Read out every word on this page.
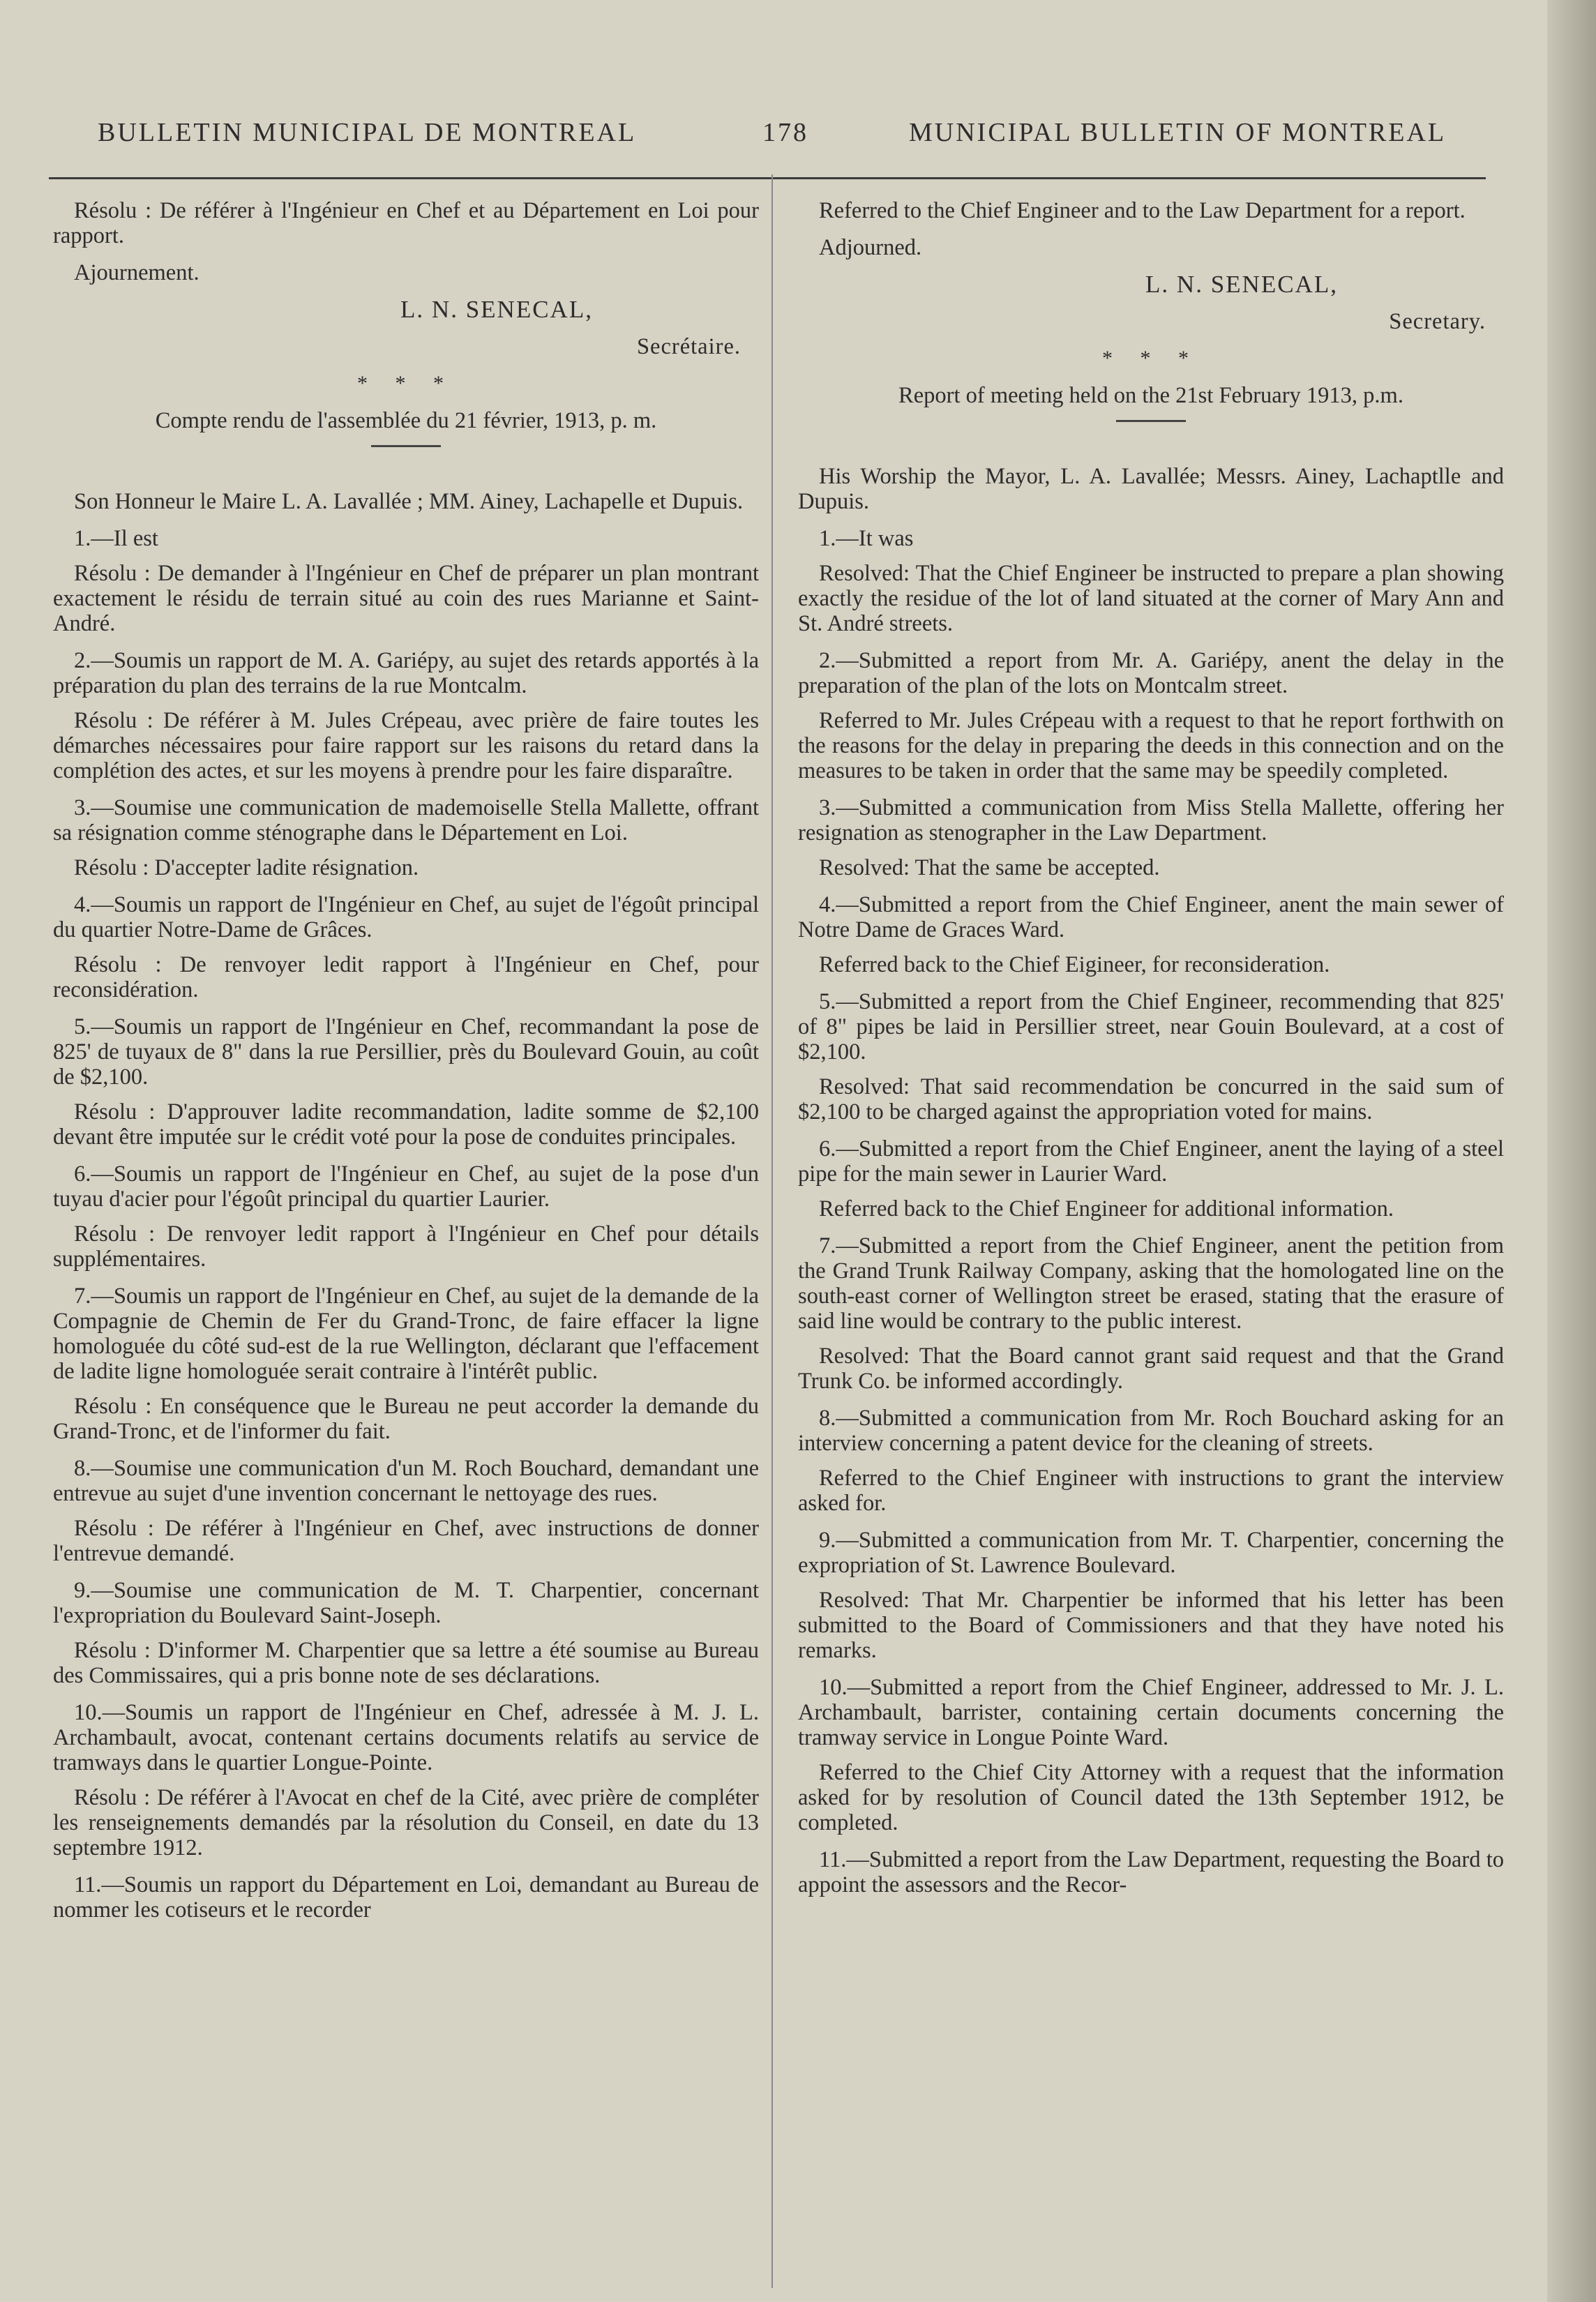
BULLETIN MUNICIPAL DE MONTREAL	178	MUNICIPAL BULLETIN OF MONTREAL

Résolu : De référer à l'Ingénieur en Chef et au Département en Loi pour rapport.

Ajournement.

L. N. SENECAL,

Secrétaire.

* * *

Compte rendu de l'assemblée du 21 février, 1913, p. m.

Son Honneur le Maire L. A. Lavallée ; MM. Ainey, Lachapelle et Dupuis.

1.—Il est

Résolu : De demander à l'Ingénieur en Chef de préparer un plan montrant exactement le résidu de terrain situé au coin des rues Marianne et Saint-André.

2.—Soumis un rapport de M. A. Gariépy, au sujet des retards apportés à la préparation du plan des terrains de la rue Montcalm.

Résolu : De référer à M. Jules Crépeau, avec prière de faire toutes les démarches nécessaires pour faire rapport sur les raisons du retard dans la complétion des actes, et sur les moyens à prendre pour les faire disparaître.

3.—Soumise une communication de mademoiselle Stella Mallette, offrant sa résignation comme sténographe dans le Département en Loi.

Résolu : D'accepter ladite résignation.

4.—Soumis un rapport de l'Ingénieur en Chef, au sujet de l'égoût principal du quartier Notre-Dame de Grâces.

Résolu : De renvoyer ledit rapport à l'Ingénieur en Chef, pour reconsidération.

5.—Soumis un rapport de l'Ingénieur en Chef, recommandant la pose de 825' de tuyaux de 8" dans la rue Persillier, près du Boulevard Gouin, au coût de $2,100.

Résolu : D'approuver ladite recommandation, ladite somme de $2,100 devant être imputée sur le crédit voté pour la pose de conduites principales.

6.—Soumis un rapport de l'Ingénieur en Chef, au sujet de la pose d'un tuyau d'acier pour l'égoût principal du quartier Laurier.

Résolu : De renvoyer ledit rapport à l'Ingénieur en Chef pour détails supplémentaires.

7.—Soumis un rapport de l'Ingénieur en Chef, au sujet de la demande de la Compagnie de Chemin de Fer du Grand-Tronc, de faire effacer la ligne homologuée du côté sud-est de la rue Wellington, déclarant que l'effacement de ladite ligne homologuée serait contraire à l'intérêt public.

Résolu : En conséquence que le Bureau ne peut accorder la demande du Grand-Tronc, et de l'informer du fait.

8.—Soumise une communication d'un M. Roch Bouchard, demandant une entrevue au sujet d'une invention concernant le nettoyage des rues.

Résolu : De référer à l'Ingénieur en Chef, avec instructions de donner l'entrevue demandé.

9.—Soumise une communication de M. T. Charpentier, concernant l'expropriation du Boulevard Saint-Joseph.

Résolu : D'informer M. Charpentier que sa lettre a été soumise au Bureau des Commissaires, qui a pris bonne note de ses déclarations.

10.—Soumis un rapport de l'Ingénieur en Chef, adressée à M. J. L. Archambault, avocat, contenant certains documents relatifs au service de tramways dans le quartier Longue-Pointe.

Résolu : De référer à l'Avocat en chef de la Cité, avec prière de compléter les renseignements demandés par la résolution du Conseil, en date du 13 septembre 1912.

11.—Soumis un rapport du Département en Loi, demandant au Bureau de nommer les cotiseurs et le recorder

Referred to the Chief Engineer and to the Law Department for a report.

Adjourned.

L. N. SENECAL,

Secretary.

* * *

Report of meeting held on the 21st February 1913, p.m.

His Worship the Mayor, L. A. Lavallée; Messrs. Ainey, Lachaptlle and Dupuis.

1.—It was

Resolved: That the Chief Engineer be instructed to prepare a plan showing exactly the residue of the lot of land situated at the corner of Mary Ann and St. André streets.

2.—Submitted a report from Mr. A. Gariépy, anent the delay in the preparation of the plan of the lots on Montcalm street.

Referred to Mr. Jules Crépeau with a request to that he report forthwith on the reasons for the delay in preparing the deeds in this connection and on the measures to be taken in order that the same may be speedily completed.

3.—Submitted a communication from Miss Stella Mallette, offering her resignation as stenographer in the Law Department.

Resolved: That the same be accepted.

4.—Submitted a report from the Chief Engineer, anent the main sewer of Notre Dame de Graces Ward.

Referred back to the Chief Eigineer, for reconsideration.

5.—Submitted a report from the Chief Engineer, recommending that 825' of 8" pipes be laid in Persillier street, near Gouin Boulevard, at a cost of $2,100.

Resolved: That said recommendation be concurred in the said sum of $2,100 to be charged against the appropriation voted for mains.

6.—Submitted a report from the Chief Engineer, anent the laying of a steel pipe for the main sewer in Laurier Ward.

Referred back to the Chief Engineer for additional information.

7.—Submitted a report from the Chief Engineer, anent the petition from the Grand Trunk Railway Company, asking that the homologated line on the south-east corner of Wellington street be erased, stating that the erasure of said line would be contrary to the public interest.

Resolved: That the Board cannot grant said request and that the Grand Trunk Co. be informed accordingly.

8.—Submitted a communication from Mr. Roch Bouchard asking for an interview concerning a patent device for the cleaning of streets.

Referred to the Chief Engineer with instructions to grant the interview asked for.

9.—Submitted a communication from Mr. T. Charpentier, concerning the expropriation of St. Lawrence Boulevard.

Resolved: That Mr. Charpentier be informed that his letter has been submitted to the Board of Commissioners and that they have noted his remarks.

10.—Submitted a report from the Chief Engineer, addressed to Mr. J. L. Archambault, barrister, containing certain documents concerning the tramway service in Longue Pointe Ward.

Referred to the Chief City Attorney with a request that the information asked for by resolution of Council dated the 13th September 1912, be completed.

11.—Submitted a report from the Law Department, requesting the Board to appoint the assessors and the Recor-
